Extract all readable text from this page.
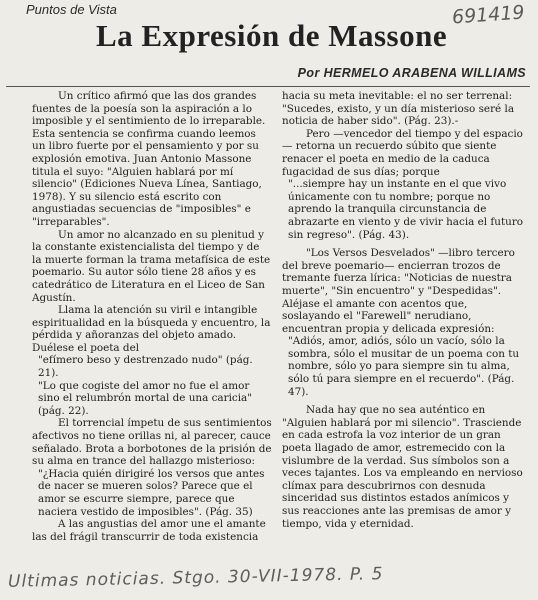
Puntos de Vista	691419
La Expresión de Massone
Por HERMELO ARABENA WILLIAMS

Un crítico afirmó que las dos grandes fuentes de la poesía son la aspiración a lo imposible y el sentimiento de lo irreparable. Esta sentencia se confirma cuando leemos un libro fuerte por el pensamiento y por su explosión emotiva. Juan Antonio Massone titula el suyo: "Alguien hablará por mí silencio" (Ediciones Nueva Línea, Santiago, 1978). Y su silencio está escrito con angustiadas secuencias de "imposibles" e "irreparables".

Un amor no alcanzado en su plenitud y la constante existencialista del tiempo y de la muerte forman la trama metafísica de este poemario. Su autor sólo tiene 28 años y es catedrático de Literatura en el Liceo de San Agustín.

Llama la atención su viril e intangible espiritualidad en la búsqueda y encuentro, la pérdida y añoranzas del objeto amado. Duélese el poeta del

"efímero beso y destrenzado nudo" (pág. 21).

"Lo que cogiste del amor no fue el amor sino el relumbrón mortal de una caricia" (pág. 22).

El torrencial ímpetu de sus sentimientos afectivos no tiene orillas ni, al parecer, cauce señalado. Brota a borbotones de la prisión de su alma en trance del hallazgo misterioso:

"¿Hacia quién dirigiré los versos que antes de nacer se mueren solos? Parece que el amor se escurre siempre, parece que naciera vestido de imposibles". (Pág. 35)

A las angustias del amor une el amante las del frágil transcurrir de toda existencia

hacia su meta inevitable: el no ser terrenal: "Sucedes, existo, y un día misterioso seré la noticia de haber sido". (Pág. 23).-

Pero —vencedor del tiempo y del espacio— retorna un recuerdo súbito que siente renacer el poeta en medio de la caduca fugacidad de sus días; porque

"...siempre hay un instante en el que vivo únicamente con tu nombre; porque no aprendo la tranquila circunstancia de abrazarte en viento y de vivir hacia el futuro sin regreso". (Pág. 43).

"Los Versos Desvelados" —libro tercero del breve poemario— encierran trozos de tremante fuerza lírica: "Noticias de nuestra muerte", "Sin encuentro" y "Despedidas". Aléjase el amante con acentos que, soslayando el "Farewell" nerudiano, encuentran propia y delicada expresión:

"Adiós, amor, adiós, sólo un vacío, sólo la sombra, sólo el musitar de un poema con tu nombre, sólo yo para siempre sin tu alma, sólo tú para siempre en el recuerdo". (Pág. 47).

Nada hay que no sea auténtico en "Alguien hablará por mi silencio". Trasciende en cada estrofa la voz interior de un gran poeta llagado de amor, estremecido con la vislumbre de la verdad. Sus símbolos son a veces tajantes. Los va empleando en nervioso clímax para descubrirnos con desnuda sinceridad sus distintos estados anímicos y sus reacciones ante las premisas de amor y tiempo, vida y eternidad.

Ultimas noticias. Stgo. 30-VII-1978. P. 5
